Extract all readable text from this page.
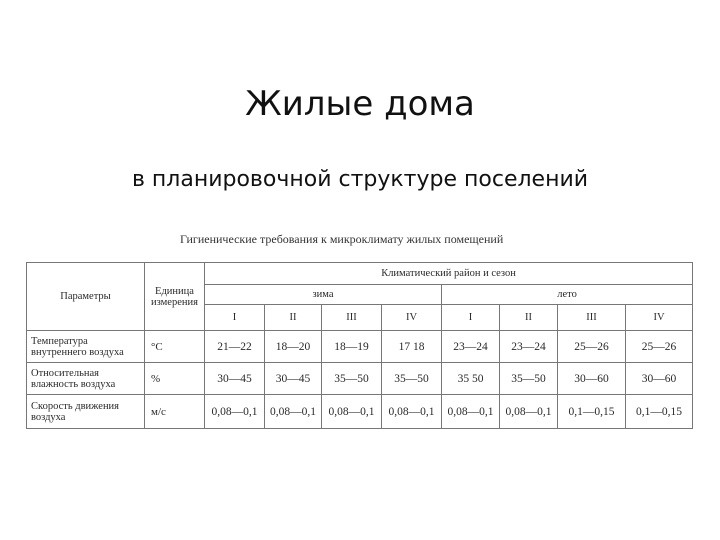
Жилые дома
в планировочной структуре поселений
Гигиенические требования к микроклимату жилых помещений
Параметры	Единица измерения	Климатический район и сезон							
		зима				лето			
		I	II	III	IV	I	II	III	IV
Температура внутреннего воздуха	°С	21—22	18—20	18—19	17 18	23—24	23—24	25—26	25—26
Относительная влажность воздуха	%	30—45	30—45	35—50	35—50	35 50	35—50	30—60	30—60
Скорость движения воздуха	м/с	0,08—0,1	0,08—0,1	0,08—0,1	0,08—0,1	0,08—0,1	0,08—0,1	0,1—0,15	0,1—0,15
